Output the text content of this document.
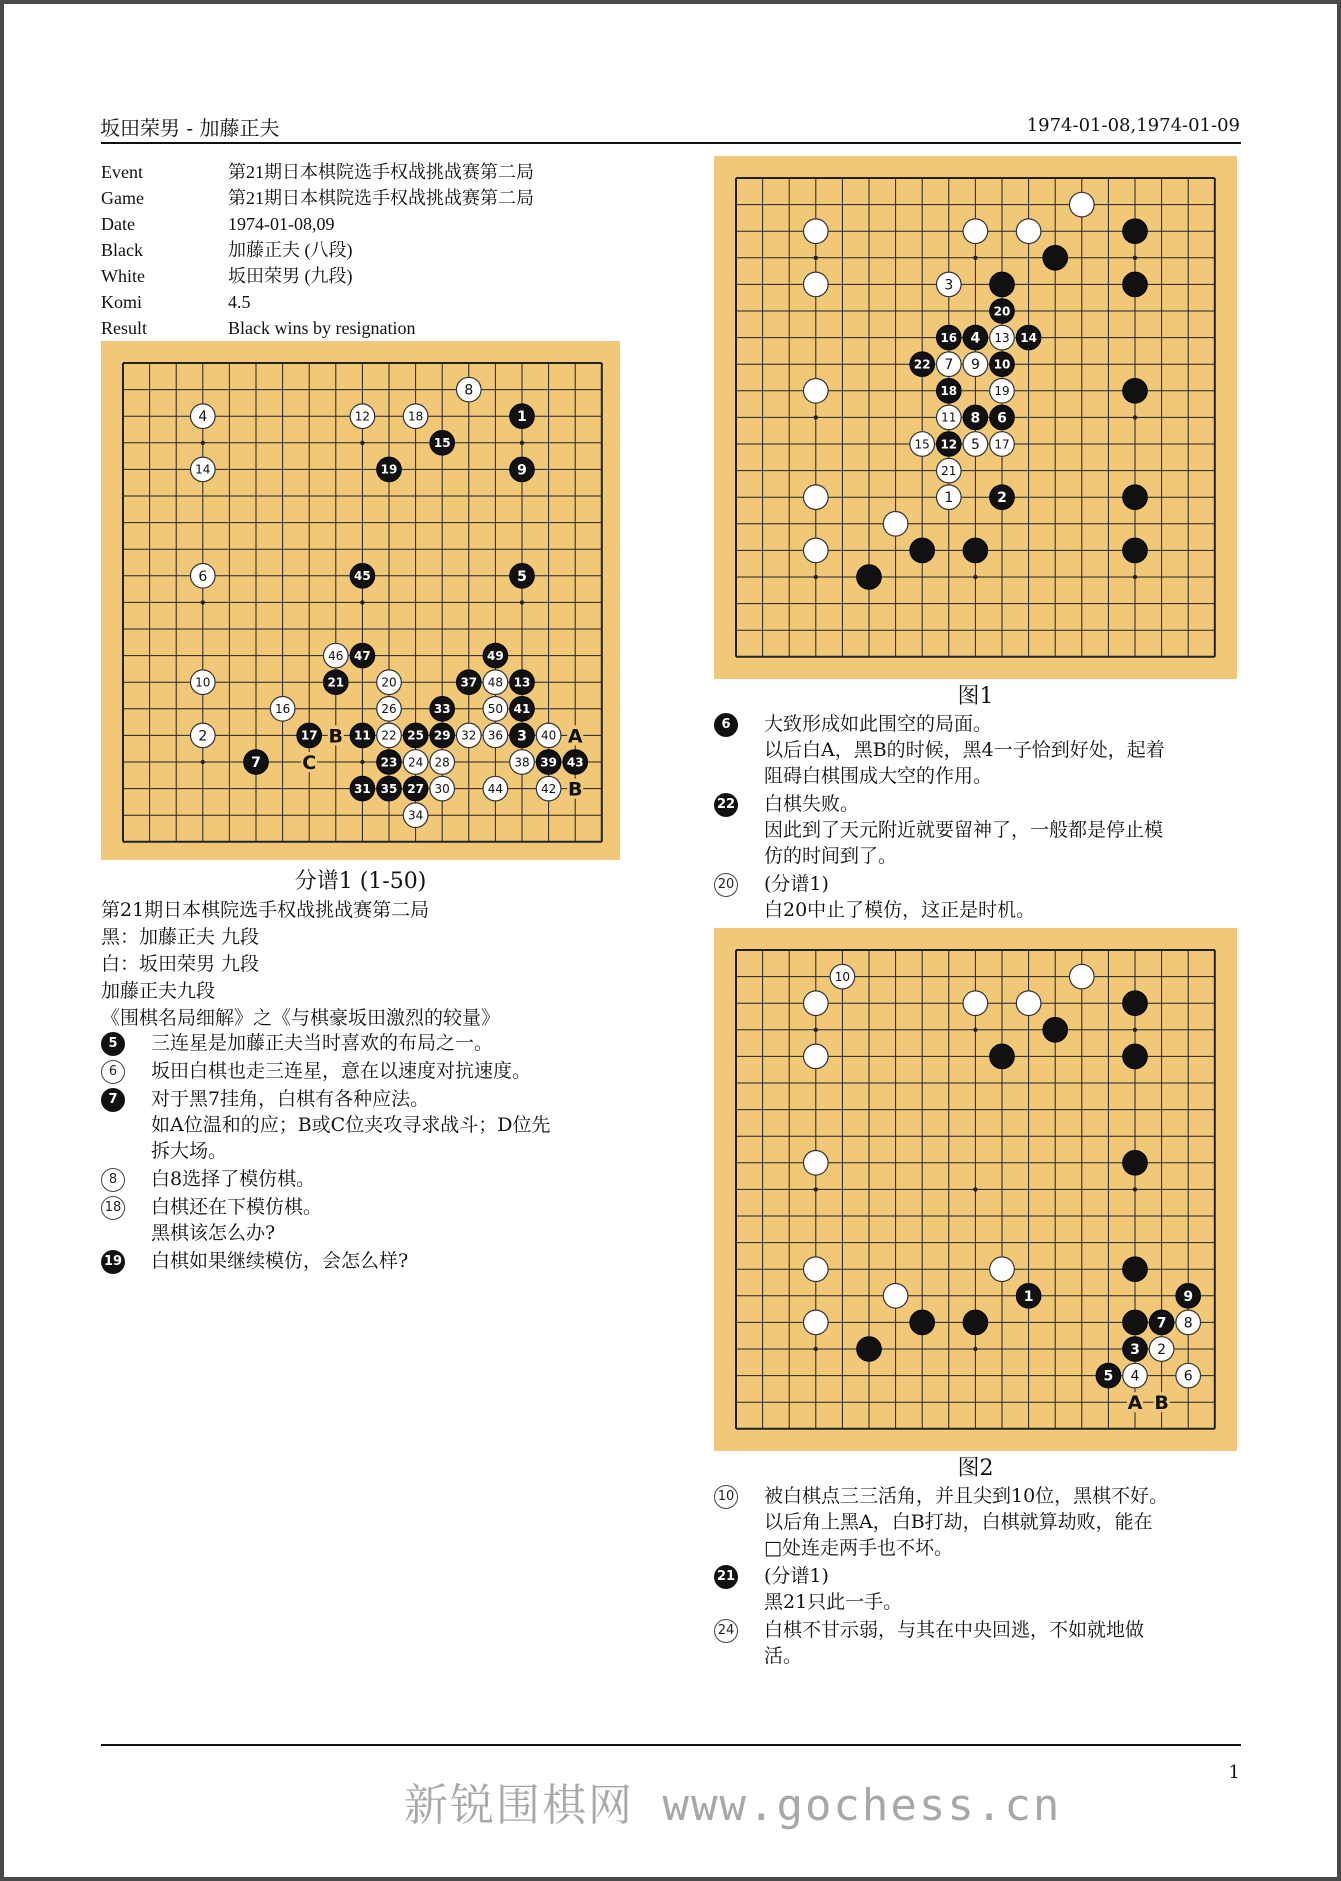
坂田荣男 - 加藤正夫	1974-01-08,1974-01-09
Event	第21期日本棋院选手权战挑战赛第二局
Game	第21期日本棋院选手权战挑战赛第二局
Date	1974-01-08,09
Black	加藤正夫 (八段)
White	坂田荣男 (九段)
Komi	4.5
Result	Black wins by resignation
8
4	12	18	1
15
14	19	9
6	45	5
46 47	49
10	21	20	37 48 13
16	26	33	50 41
2	17	11 22 25 29 32 36 3 40
7	23 24 28	38 39 43
31 35 27 30	44	42
34
A
B
B
C
分谱1 (1-50)
第21期日本棋院选手权战挑战赛第二局
黑：加藤正夫 九段
白：坂田荣男 九段
加藤正夫九段
《围棋名局细解》之《与棋豪坂田激烈的较量》
5	三连星是加藤正夫当时喜欢的布局之一。
6	坂田白棋也走三连星，意在以速度对抗速度。
7	对于黑7挂角，白棋有各种应法。
如A位温和的应；B或C位夹攻寻求战斗；D位先
拆大场。
8	白8选择了模仿棋。
18 白棋还在下模仿棋。
黑棋该怎么办?
19 白棋如果继续模仿，会怎么样?
3
20
16 4 13 14
22 7 9 10
18	19
11 8 6
15 12 5 17
21
1	2
图1
6	大致形成如此围空的局面。
以后白A，黑B的时候，黑4一子恰到好处，起着
阻碍白棋围成大空的作用。
22 白棋失败。
因此到了天元附近就要留神了，一般都是停止模
仿的时间到了。
20 (分谱1)
白20中止了模仿，这正是时机。
10
1	9
7 8
3 2
5 4	6
A B
图2
10 被白棋点三三活角，并且尖到10位，黑棋不好。
以后角上黑A，白B打劫，白棋就算劫败，能在
□处连走两手也不坏。
21 (分谱1)
黑21只此一手。
24 白棋不甘示弱，与其在中央回逃，不如就地做
活。
1
新锐围棋网 www.gochess.cn
